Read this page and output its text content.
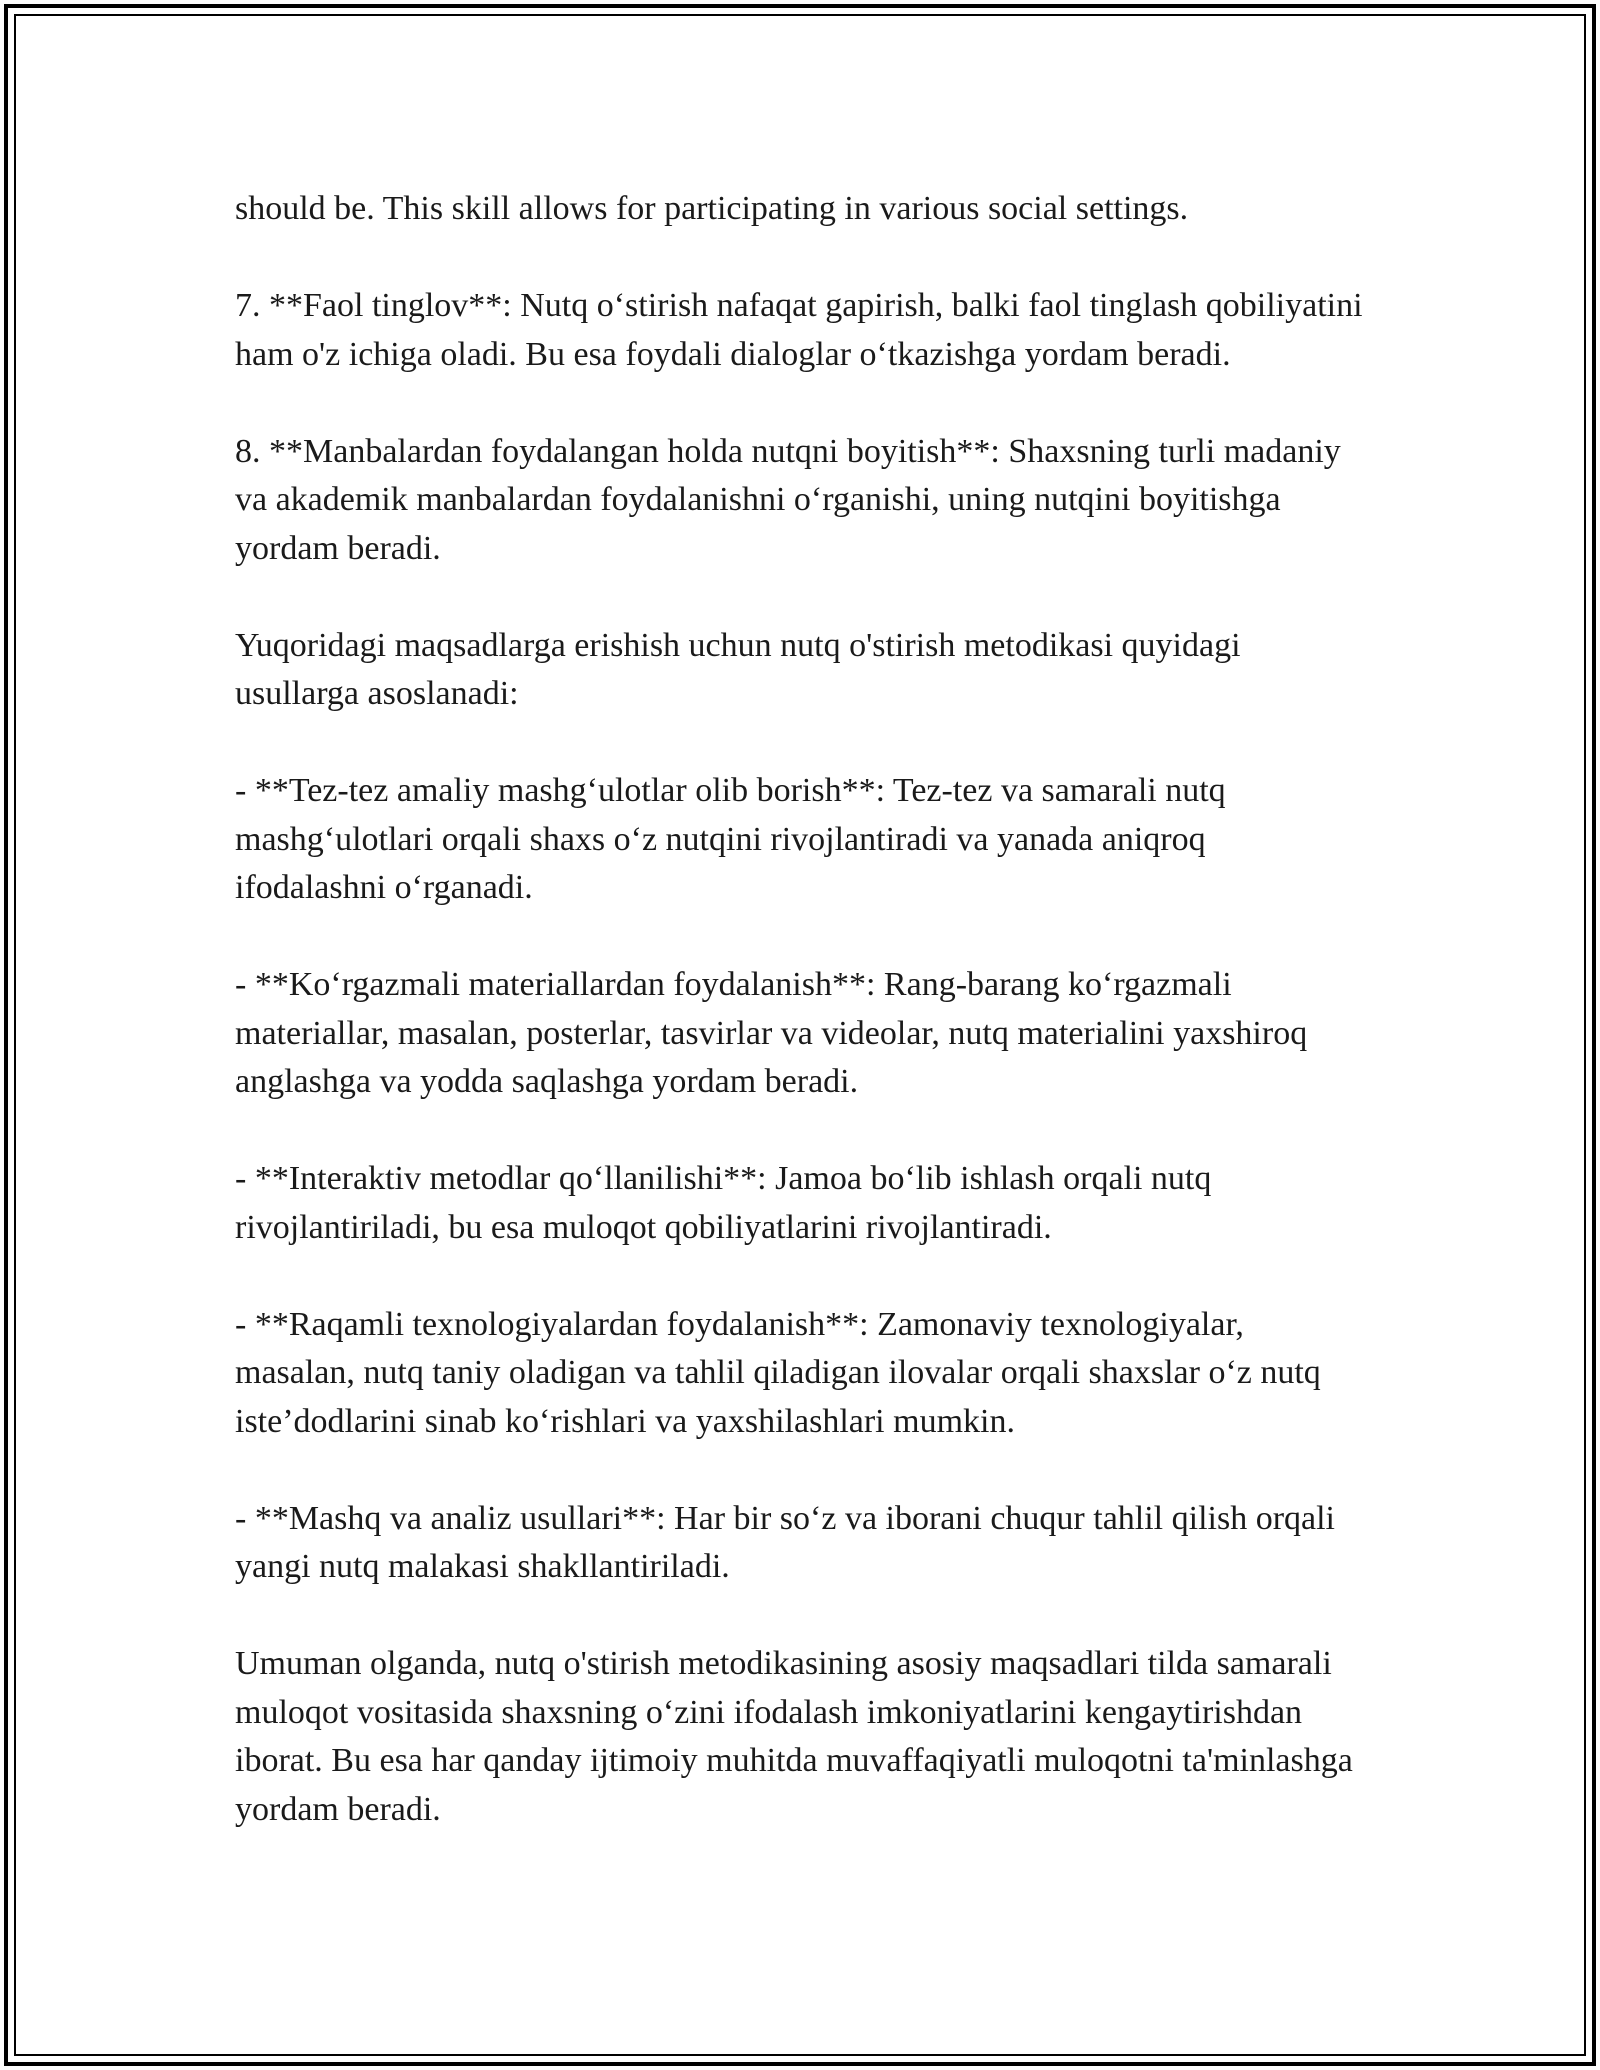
should be. This skill allows for participating in various social settings.

7. **Faol tinglov**: Nutq o‘stirish nafaqat gapirish, balki faol tinglash qobiliyatini ham o'z ichiga oladi. Bu esa foydali dialoglar o‘tkazishga yordam beradi.

8. **Manbalardan foydalangan holda nutqni boyitish**: Shaxsning turli madaniy va akademik manbalardan foydalanishni o‘rganishi, uning nutqini boyitishga yordam beradi.

Yuqoridagi maqsadlarga erishish uchun nutq o'stirish metodikasi quyidagi usullarga asoslanadi:

- **Tez-tez amaliy mashg‘ulotlar olib borish**: Tez-tez va samarali nutq mashg‘ulotlari orqali shaxs o‘z nutqini rivojlantiradi va yanada aniqroq ifodalashni o‘rganadi.

- **Ko‘rgazmali materiallardan foydalanish**: Rang-barang ko‘rgazmali materiallar, masalan, posterlar, tasvirlar va videolar, nutq materialini yaxshiroq anglashga va yodda saqlashga yordam beradi.

- **Interaktiv metodlar qo‘llanilishi**: Jamoa bo‘lib ishlash orqali nutq rivojlantiriladi, bu esa muloqot qobiliyatlarini rivojlantiradi.

- **Raqamli texnologiyalardan foydalanish**: Zamonaviy texnologiyalar, masalan, nutq taniy oladigan va tahlil qiladigan ilovalar orqali shaxslar o‘z nutq iste’dodlarini sinab ko‘rishlari va yaxshilashlari mumkin.

- **Mashq va analiz usullari**: Har bir so‘z va iborani chuqur tahlil qilish orqali yangi nutq malakasi shakllantiriladi.

Umuman olganda, nutq o'stirish metodikasining asosiy maqsadlari tilda samarali muloqot vositasida shaxsning o‘zini ifodalash imkoniyatlarini kengaytirishdan iborat. Bu esa har qanday ijtimoiy muhitda muvaffaqiyatli muloqotni ta'minlashga yordam beradi.
